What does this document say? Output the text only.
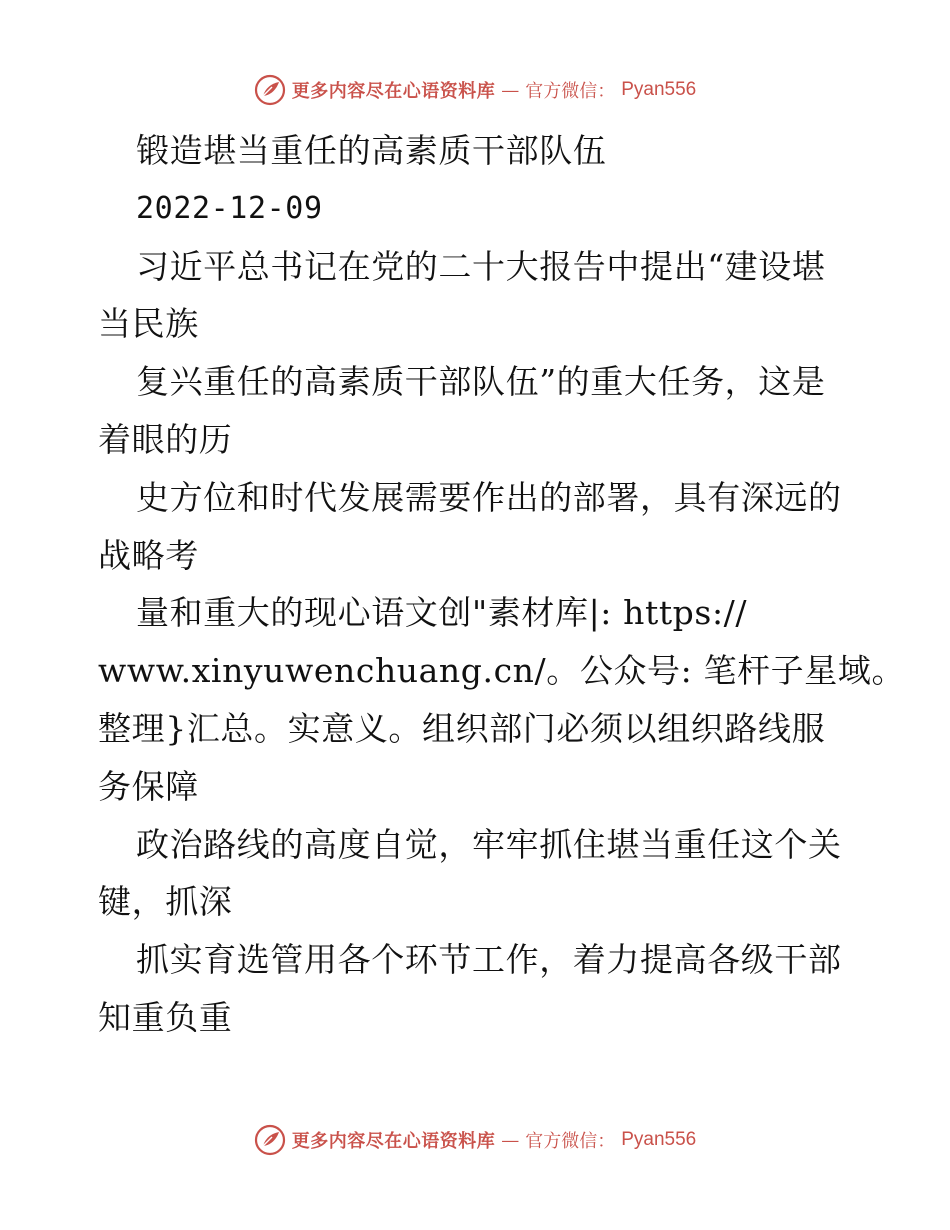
更多内容尽在心语资料库 — 官方微信： Pyan556
锻造堪当重任的高素质干部队伍
2022-12-09
习近平总书记在党的二十大报告中提出“建设堪
当民族
复兴重任的高素质干部队伍”的重大任务，这是
着眼的历
史方位和时代发展需要作出的部署，具有深远的
战略考
量和重大的现心语文创"素材库|: https://
www.xinyuwenchuang.cn/。公众号: 笔杆子星域。
整理}汇总。实意义。组织部门必须以组织路线服
务保障
政治路线的高度自觉，牢牢抓住堪当重任这个关
键，抓深
抓实育选管用各个环节工作，着力提高各级干部
知重负重
更多内容尽在心语资料库 — 官方微信： Pyan556
